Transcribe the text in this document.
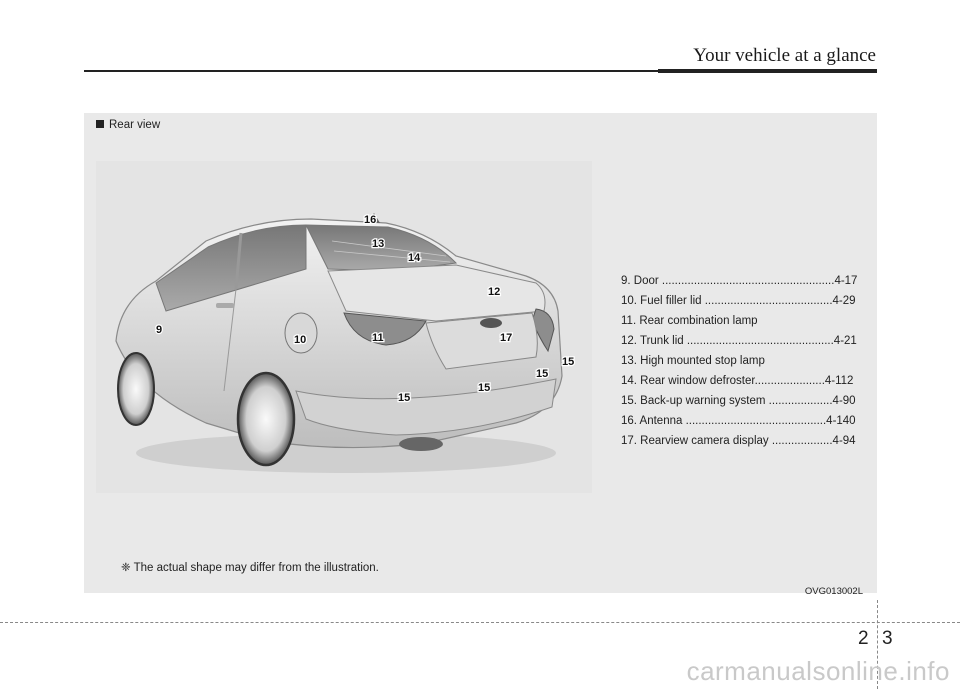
Your vehicle at a glance
Rear view
16
13
14
12
9
10	11	17
15
15
15
15
9. Door ......................................................4-17
10. Fuel filler lid ........................................4-29
11. Rear combination lamp
12. Trunk lid ..............................................4-21
13. High mounted stop lamp
14. Rear window defroster......................4-112
15. Back-up warning system ....................4-90
16. Antenna ............................................4-140
17. Rearview camera display ...................4-94
❈ The actual shape may differ from the illustration.
OVG013002L
2 3
carmanualsonline.info
